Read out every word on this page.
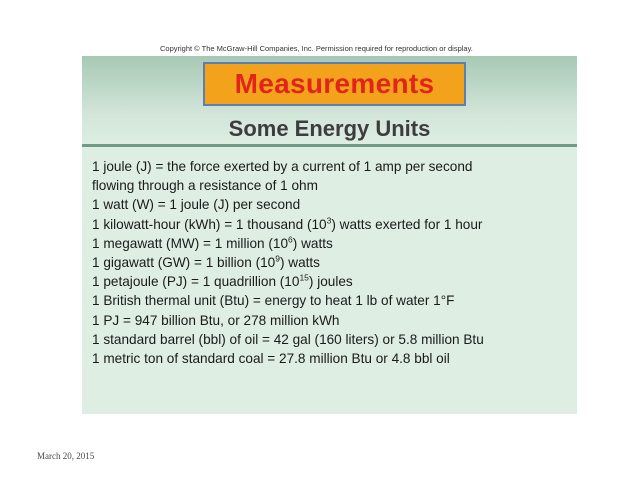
Copyright © The McGraw-Hill Companies, Inc. Permission required for reproduction or display.
Some Energy Units
Measurements
1 joule (J) = the force exerted by a current of 1 amp per second
flowing through a resistance of 1 ohm
1 watt (W) = 1 joule (J) per second
1 kilowatt-hour (kWh) = 1 thousand $(10^3)$ watts exerted for 1 hour
1 megawatt (MW) = 1 million $(10^6)$ watts
1 gigawatt (GW) = 1 billion $(10^9)$ watts
1 petajoule (PJ) = 1 quadrillion $(10^{15})$ joules
1 British thermal unit (Btu) = energy to heat 1 lb of water 1°F
1 PJ = 947 billion Btu, or 278 million kWh
1 standard barrel (bbl) of oil = 42 gal (160 liters) or 5.8 million Btu
1 metric ton of standard coal = 27.8 million Btu or 4.8 bbl oil
March 20, 2015
